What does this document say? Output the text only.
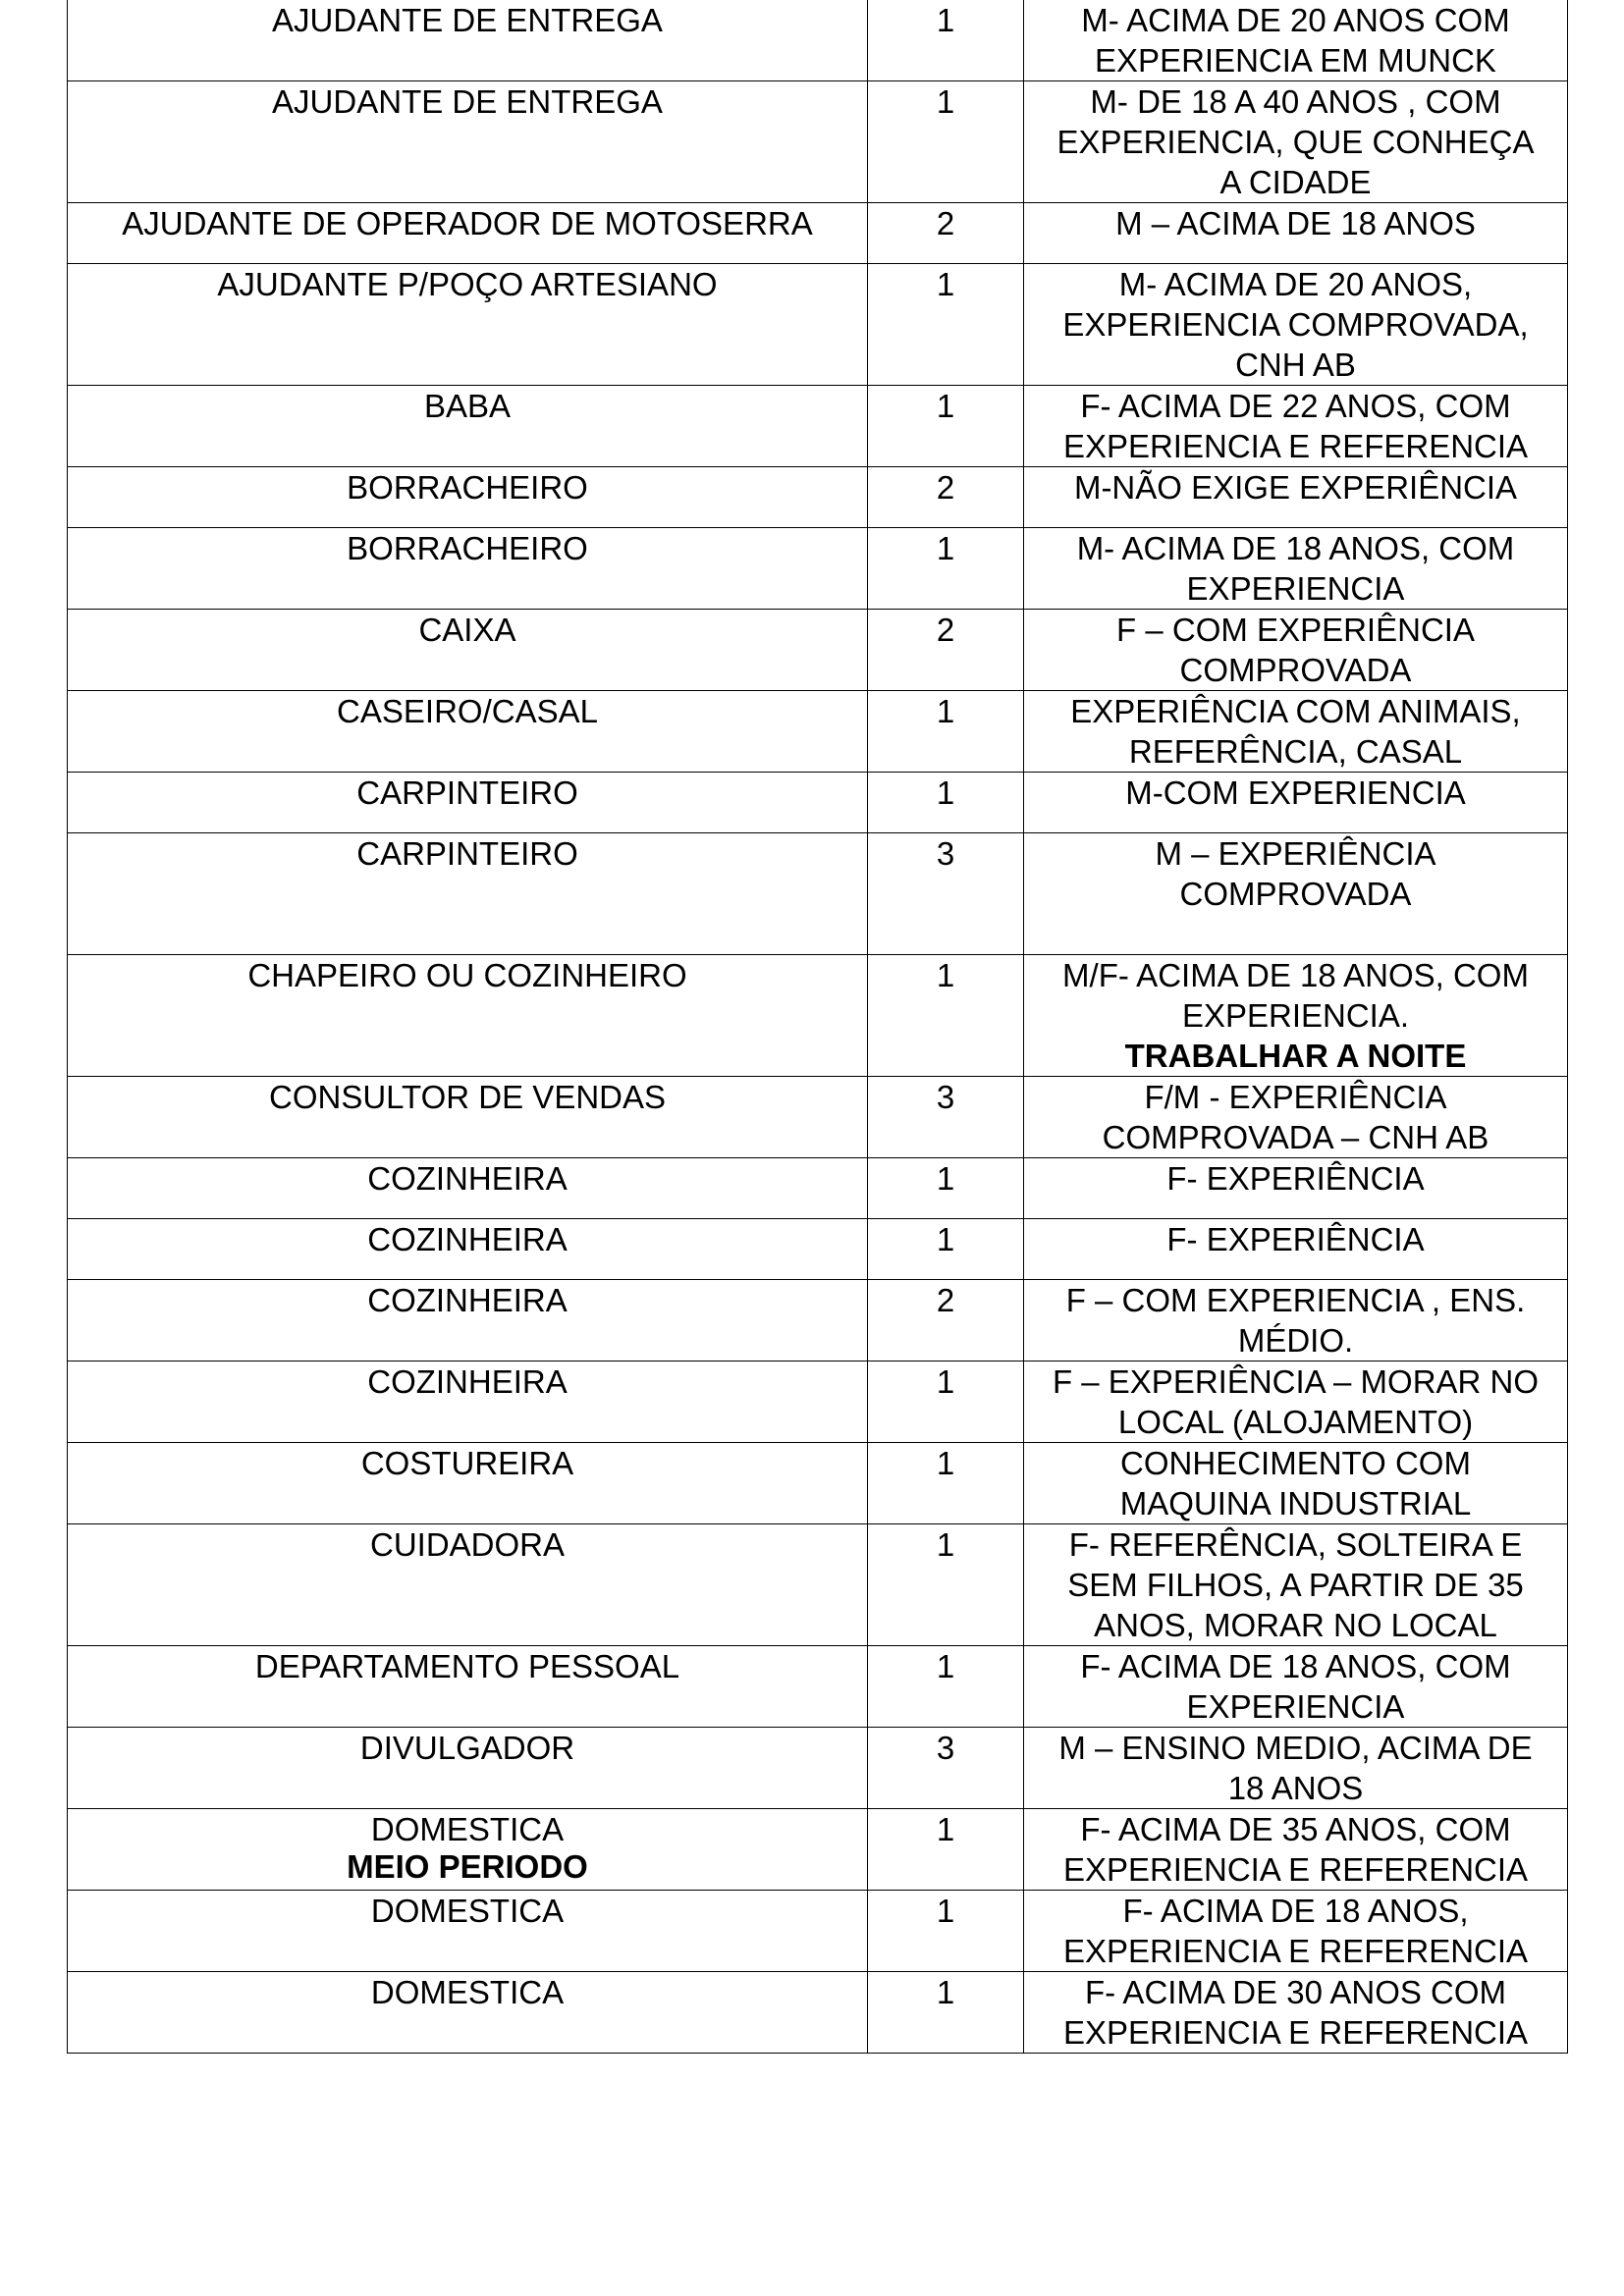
AJUDANTE DE ENTREGA	1	M- ACIMA DE 20 ANOS COM
EXPERIENCIA EM MUNCK

AJUDANTE DE ENTREGA	1	M- DE 18 A 40 ANOS , COM
EXPERIENCIA, QUE CONHEÇA
A CIDADE

AJUDANTE DE OPERADOR DE MOTOSERRA	2	M – ACIMA DE 18 ANOS

AJUDANTE P/POÇO ARTESIANO	1	M- ACIMA DE 20 ANOS,
EXPERIENCIA COMPROVADA,
CNH AB

BABA	1	F- ACIMA DE 22 ANOS, COM
EXPERIENCIA E REFERENCIA

BORRACHEIRO	2	M-NÃO EXIGE EXPERIÊNCIA

BORRACHEIRO	1	M- ACIMA DE 18 ANOS, COM
EXPERIENCIA

CAIXA	2	F – COM EXPERIÊNCIA
COMPROVADA

CASEIRO/CASAL	1	EXPERIÊNCIA COM ANIMAIS,
REFERÊNCIA, CASAL

CARPINTEIRO	1	M-COM EXPERIENCIA

CARPINTEIRO	3	M – EXPERIÊNCIA
COMPROVADA

CHAPEIRO OU COZINHEIRO	1	M/F- ACIMA DE 18 ANOS, COM
EXPERIENCIA.
TRABALHAR A NOITE

CONSULTOR DE VENDAS	3	F/M - EXPERIÊNCIA
COMPROVADA – CNH AB

COZINHEIRA	1	F- EXPERIÊNCIA

COZINHEIRA	1	F- EXPERIÊNCIA

COZINHEIRA	2	F – COM EXPERIENCIA , ENS.
MÉDIO.

COZINHEIRA	1	F – EXPERIÊNCIA – MORAR NO
LOCAL (ALOJAMENTO)

COSTUREIRA	1	CONHECIMENTO COM
MAQUINA INDUSTRIAL

CUIDADORA	1	F- REFERÊNCIA, SOLTEIRA E
SEM FILHOS, A PARTIR DE 35
ANOS, MORAR NO LOCAL

DEPARTAMENTO PESSOAL	1	F- ACIMA DE 18 ANOS, COM
EXPERIENCIA

DIVULGADOR	3	M – ENSINO MEDIO, ACIMA DE
18 ANOS

DOMESTICA
MEIO PERIODO	1	F- ACIMA DE 35 ANOS, COM
EXPERIENCIA E REFERENCIA

DOMESTICA	1	F- ACIMA DE 18 ANOS,
EXPERIENCIA E REFERENCIA

DOMESTICA	1	F- ACIMA DE 30 ANOS COM
EXPERIENCIA E REFERENCIA
